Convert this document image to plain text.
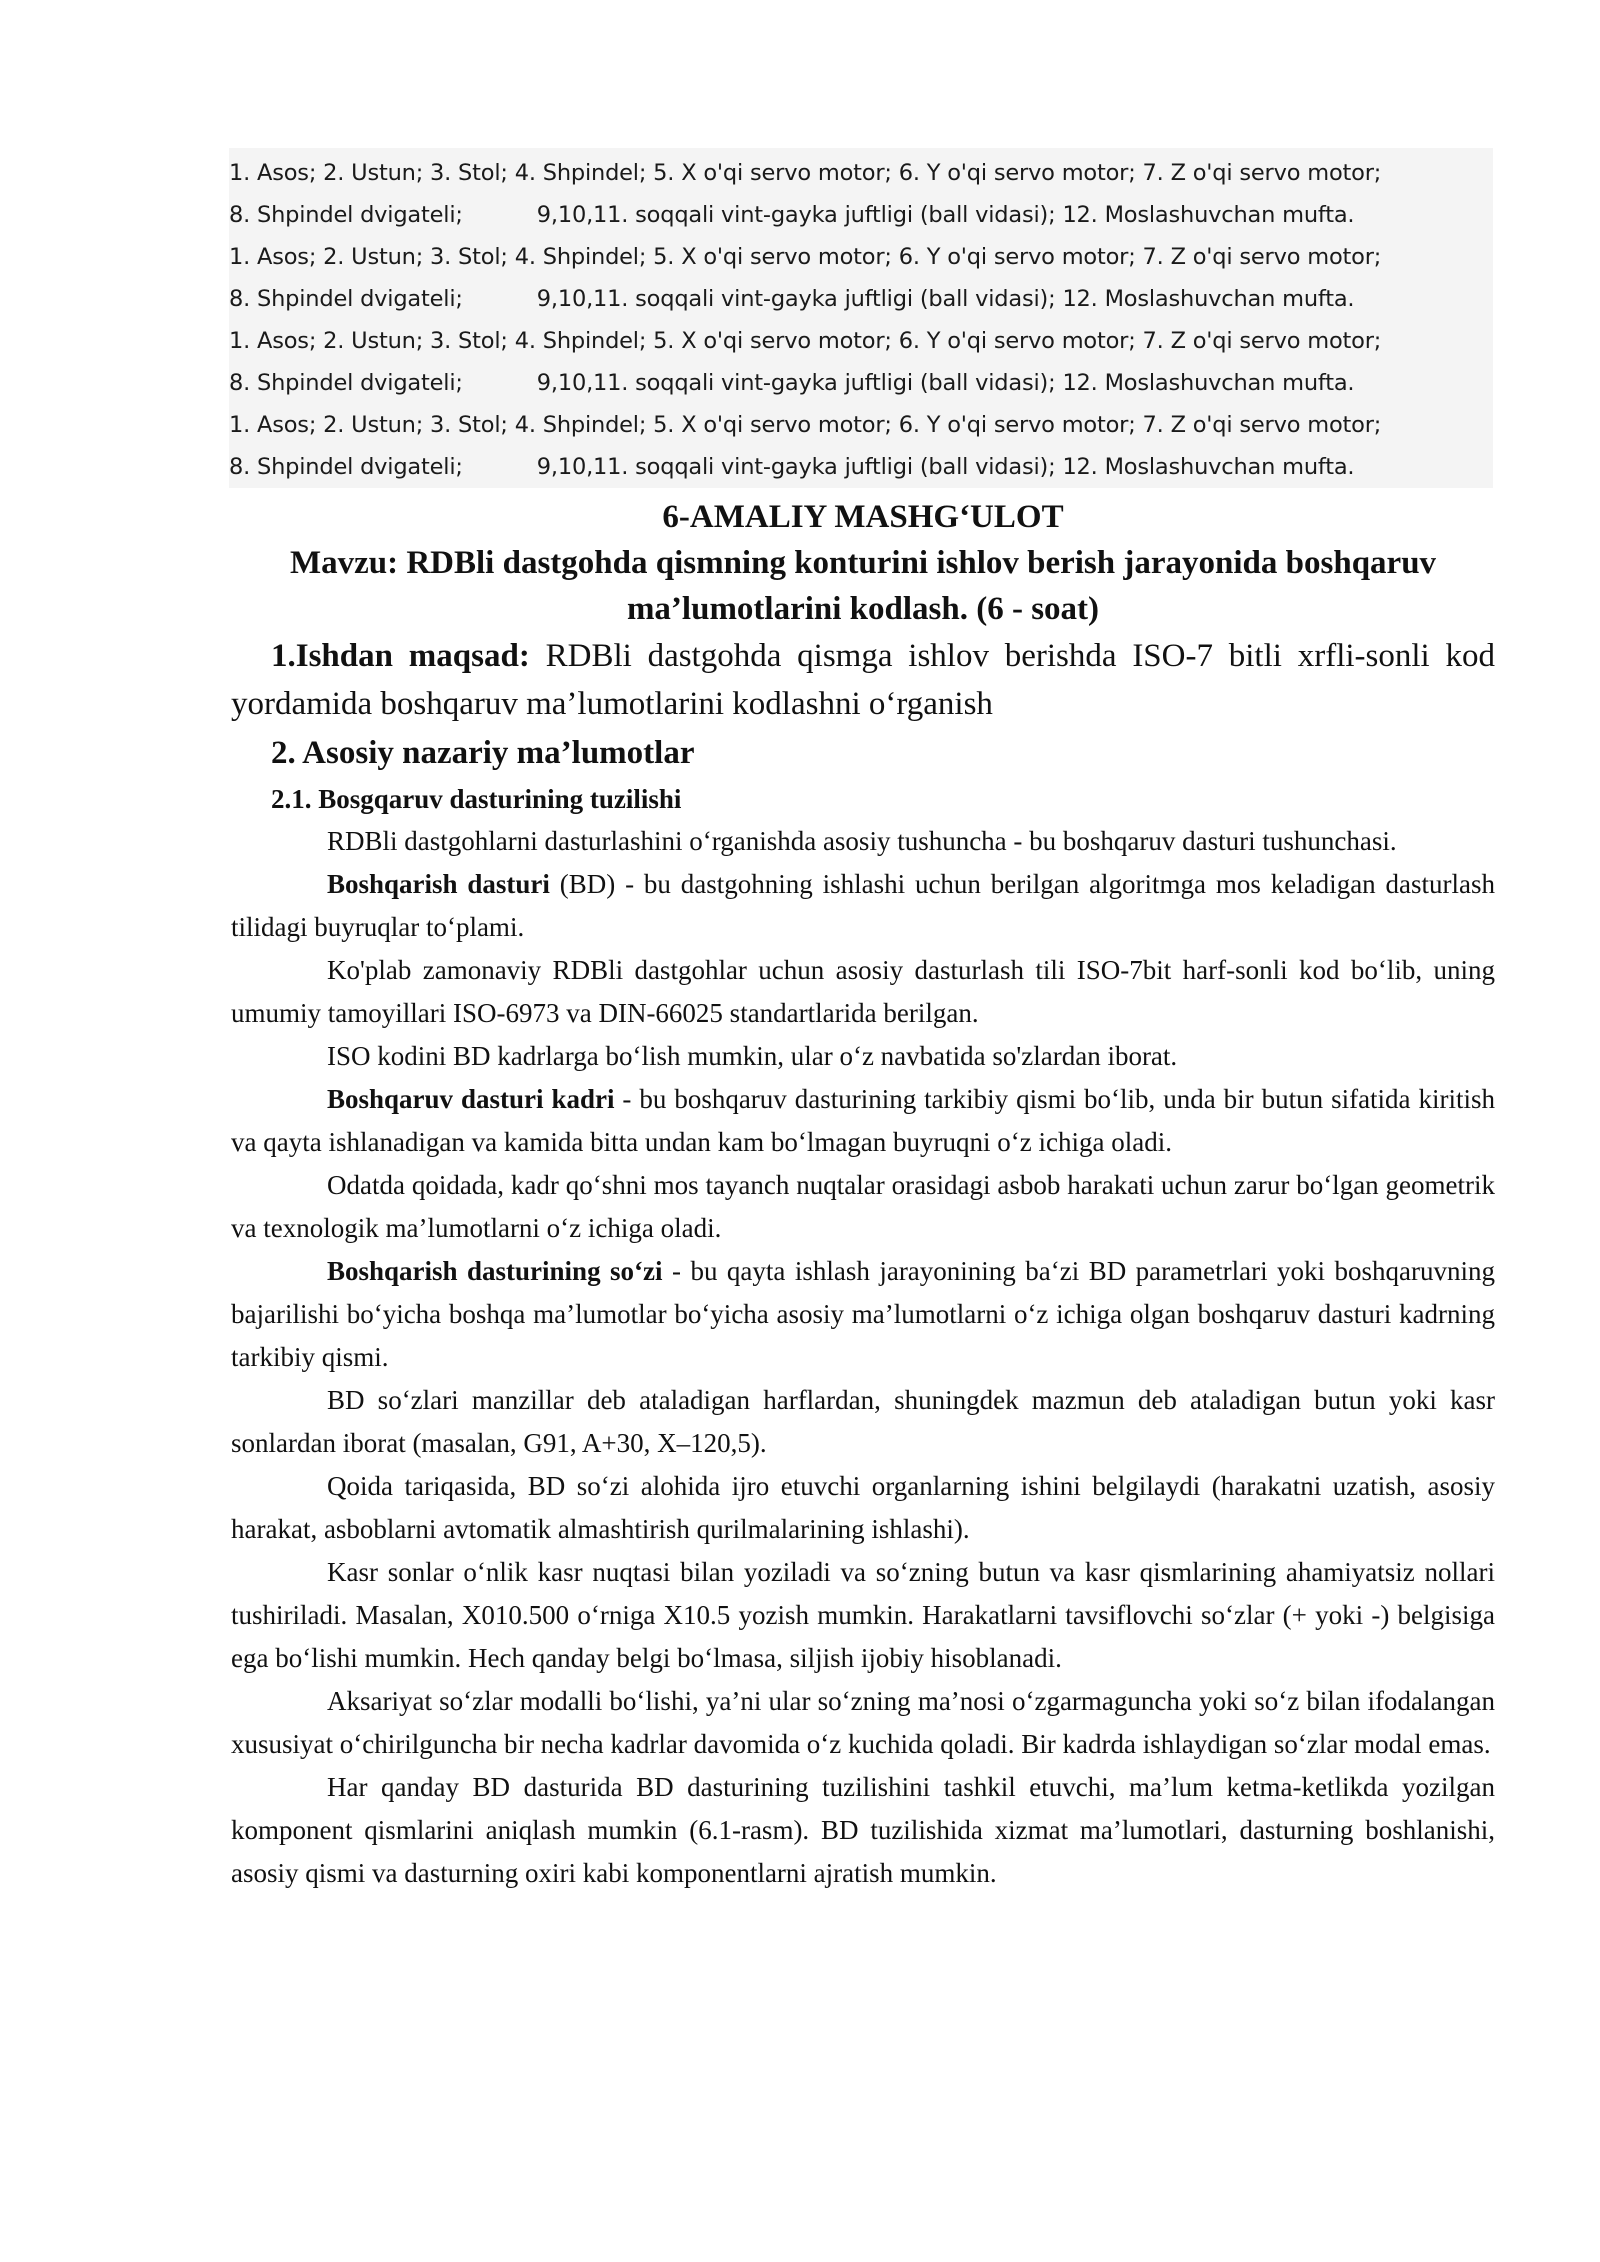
1. Asos; 2. Ustun; 3. Stol; 4. Shpindel; 5. X o'qi servo motor; 6. Y o'qi servo motor; 7. Z o'qi servo motor;
8. Shpindel dvigateli;	9,10,11. soqqali vint-gayka juftligi (ball vidasi); 12. Moslashuvchan mufta.
1. Asos; 2. Ustun; 3. Stol; 4. Shpindel; 5. X o'qi servo motor; 6. Y o'qi servo motor; 7. Z o'qi servo motor;
8. Shpindel dvigateli;	9,10,11. soqqali vint-gayka juftligi (ball vidasi); 12. Moslashuvchan mufta.
1. Asos; 2. Ustun; 3. Stol; 4. Shpindel; 5. X o'qi servo motor; 6. Y o'qi servo motor; 7. Z o'qi servo motor;
8. Shpindel dvigateli;	9,10,11. soqqali vint-gayka juftligi (ball vidasi); 12. Moslashuvchan mufta.
1. Asos; 2. Ustun; 3. Stol; 4. Shpindel; 5. X o'qi servo motor; 6. Y o'qi servo motor; 7. Z o'qi servo motor;
8. Shpindel dvigateli;	9,10,11. soqqali vint-gayka juftligi (ball vidasi); 12. Moslashuvchan mufta.
6-AMALIY MASHG‘ULOT

Mavzu: RDBli dastgohda qismning konturini ishlov berish jarayonida boshqaruv ma’lumotlarini kodlash. (6 - soat)

1.Ishdan maqsad: RDBli dastgohda qismga ishlov berishda ISO-7 bitli xrfli-sonli kod yordamida boshqaruv ma’lumotlarini kodlashni o‘rganish

2. Asosiy nazariy ma’lumotlar
2.1. Bosgqaruv dasturining tuzilishi

RDBli dastgohlarni dasturlashini o‘rganishda asosiy tushuncha - bu boshqaruv dasturi tushunchasi.

Boshqarish dasturi (BD) - bu dastgohning ishlashi uchun berilgan algoritmga mos keladigan dasturlash tilidagi buyruqlar to‘plami.

Ko'plab zamonaviy RDBli dastgohlar uchun asosiy dasturlash tili ISO-7bit harf-sonli kod bo‘lib, uning umumiy tamoyillari ISO-6973 va DIN-66025 standartlarida berilgan.

ISO kodini BD kadrlarga bo‘lish mumkin, ular o‘z navbatida so'zlardan iborat.

Boshqaruv dasturi kadri - bu boshqaruv dasturining tarkibiy qismi bo‘lib, unda bir butun sifatida kiritish va qayta ishlanadigan va kamida bitta undan kam bo‘lmagan buyruqni o‘z ichiga oladi.

Odatda qoidada, kadr qo‘shni mos tayanch nuqtalar orasidagi asbob harakati uchun zarur bo‘lgan geometrik va texnologik ma’lumotlarni o‘z ichiga oladi.

Boshqarish dasturining so‘zi - bu qayta ishlash jarayonining ba‘zi BD parametrlari yoki boshqaruvning bajarilishi bo‘yicha boshqa ma’lumotlar bo‘yicha asosiy ma’lumotlarni o‘z ichiga olgan boshqaruv dasturi kadrning tarkibiy qismi.

BD so‘zlari manzillar deb ataladigan harflardan, shuningdek mazmun deb ataladigan butun yoki kasr sonlardan iborat (masalan, G91, A+30, X–120,5).

Qoida tariqasida, BD so‘zi alohida ijro etuvchi organlarning ishini belgilaydi (harakatni uzatish, asosiy harakat, asboblarni avtomatik almashtirish qurilmalarining ishlashi).

Kasr sonlar o‘nlik kasr nuqtasi bilan yoziladi va so‘zning butun va kasr qismlarining ahamiyatsiz nollari tushiriladi. Masalan, X010.500 o‘rniga X10.5 yozish mumkin. Harakatlarni tavsiflovchi so‘zlar (+ yoki -) belgisiga ega bo‘lishi mumkin. Hech qanday belgi bo‘lmasa, siljish ijobiy hisoblanadi.

Aksariyat so‘zlar modalli bo‘lishi, ya’ni ular so‘zning ma’nosi o‘zgarmaguncha yoki so‘z bilan ifodalangan xususiyat o‘chirilguncha bir necha kadrlar davomida o‘z kuchida qoladi. Bir kadrda ishlaydigan so‘zlar modal emas.

Har qanday BD dasturida BD dasturining tuzilishini tashkil etuvchi, ma’lum ketma-ketlikda yozilgan komponent qismlarini aniqlash mumkin (6.1-rasm). BD tuzilishida xizmat ma’lumotlari, dasturning boshlanishi, asosiy qismi va dasturning oxiri kabi komponentlarni ajratish mumkin.
